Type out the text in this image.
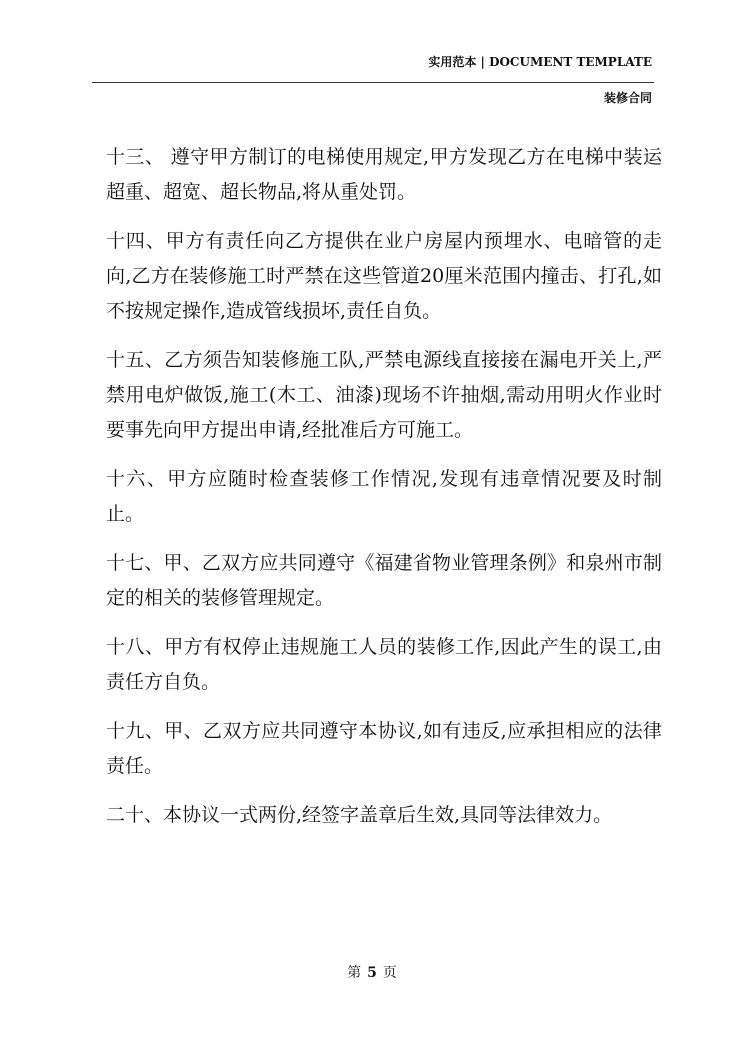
实用范本 | DOCUMENT TEMPLATE
装修合同

十三、 遵守甲方制订的电梯使用规定,甲方发现乙方在电梯中装运超重、超宽、超长物品,将从重处罚。

十四、甲方有责任向乙方提供在业户房屋内预埋水、电暗管的走向,乙方在装修施工时严禁在这些管道20厘米范围内撞击、打孔,如不按规定操作,造成管线损坏,责任自负。

十五、乙方须告知装修施工队,严禁电源线直接接在漏电开关上,严禁用电炉做饭,施工(木工、油漆)现场不许抽烟,需动用明火作业时要事先向甲方提出申请,经批准后方可施工。

十六、甲方应随时检查装修工作情况,发现有违章情况要及时制止。

十七、甲、乙双方应共同遵守《福建省物业管理条例》和泉州市制定的相关的装修管理规定。

十八、甲方有权停止违规施工人员的装修工作,因此产生的误工,由责任方自负。

十九、甲、乙双方应共同遵守本协议,如有违反,应承担相应的法律责任。

二十、本协议一式两份,经签字盖章后生效,具同等法律效力。

第 5 页
